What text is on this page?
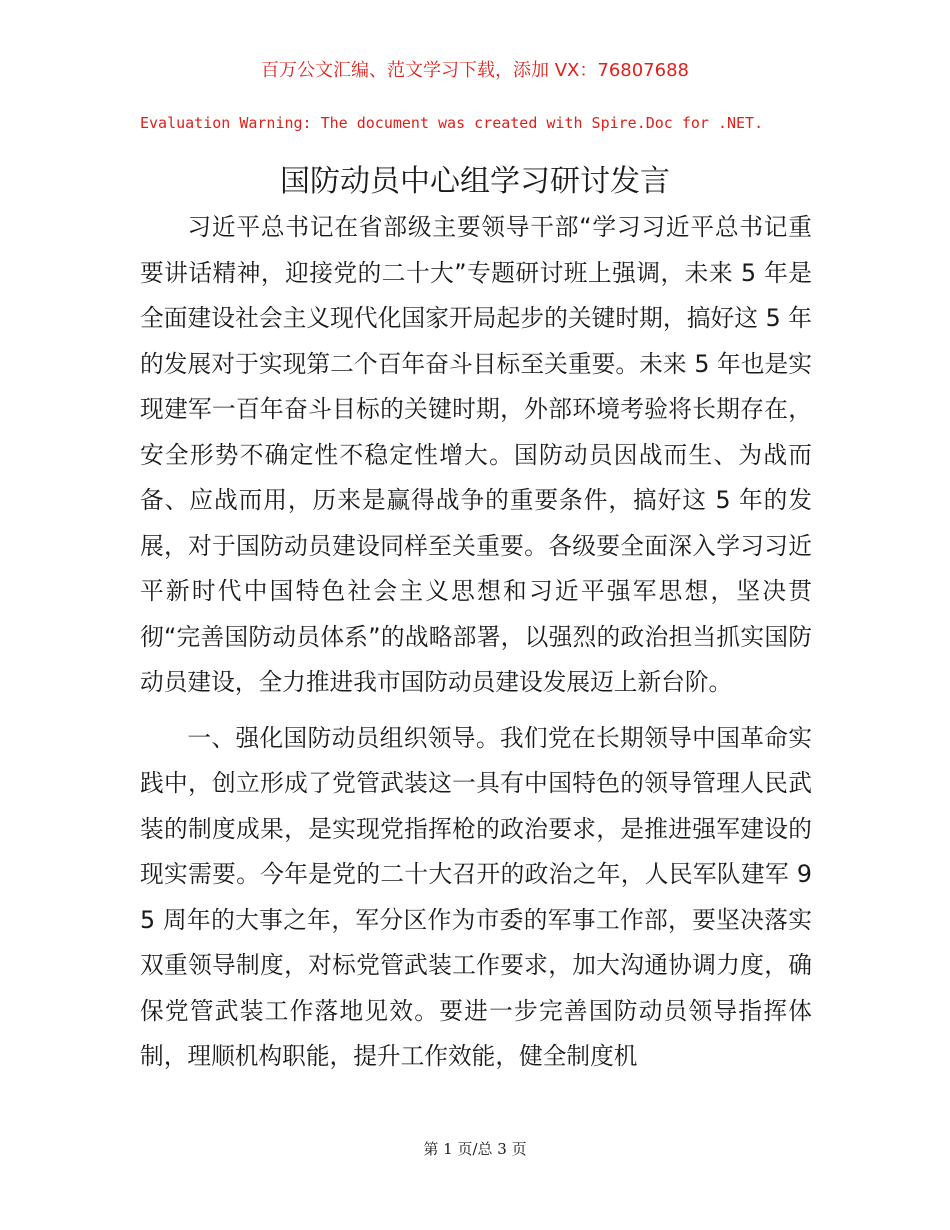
百万公文汇编、范文学习下载，添加 VX：76807688
Evaluation Warning: The document was created with Spire.Doc for .NET.
国防动员中心组学习研讨发言

习近平总书记在省部级主要领导干部“学习习近平总书记重要讲话精神，迎接党的二十大”专题研讨班上强调，未来 5 年是全面建设社会主义现代化国家开局起步的关键时期，搞好这 5 年的发展对于实现第二个百年奋斗目标至关重要。未来 5 年也是实现建军一百年奋斗目标的关键时期，外部环境考验将长期存在，安全形势不确定性不稳定性增大。国防动员因战而生、为战而备、应战而用，历来是赢得战争的重要条件，搞好这 5 年的发展，对于国防动员建设同样至关重要。各级要全面深入学习习近平新时代中国特色社会主义思想和习近平强军思想，坚决贯彻“完善国防动员体系”的战略部署，以强烈的政治担当抓实国防动员建设，全力推进我市国防动员建设发展迈上新台阶。

一、强化国防动员组织领导。我们党在长期领导中国革命实践中，创立形成了党管武装这一具有中国特色的领导管理人民武装的制度成果，是实现党指挥枪的政治要求，是推进强军建设的现实需要。今年是党的二十大召开的政治之年，人民军队建军 95 周年的大事之年，军分区作为市委的军事工作部，要坚决落实双重领导制度，对标党管武装工作要求，加大沟通协调力度，确保党管武装工作落地见效。要进一步完善国防动员领导指挥体制，理顺机构职能，提升工作效能，健全制度机

第 1 页/总 3 页
